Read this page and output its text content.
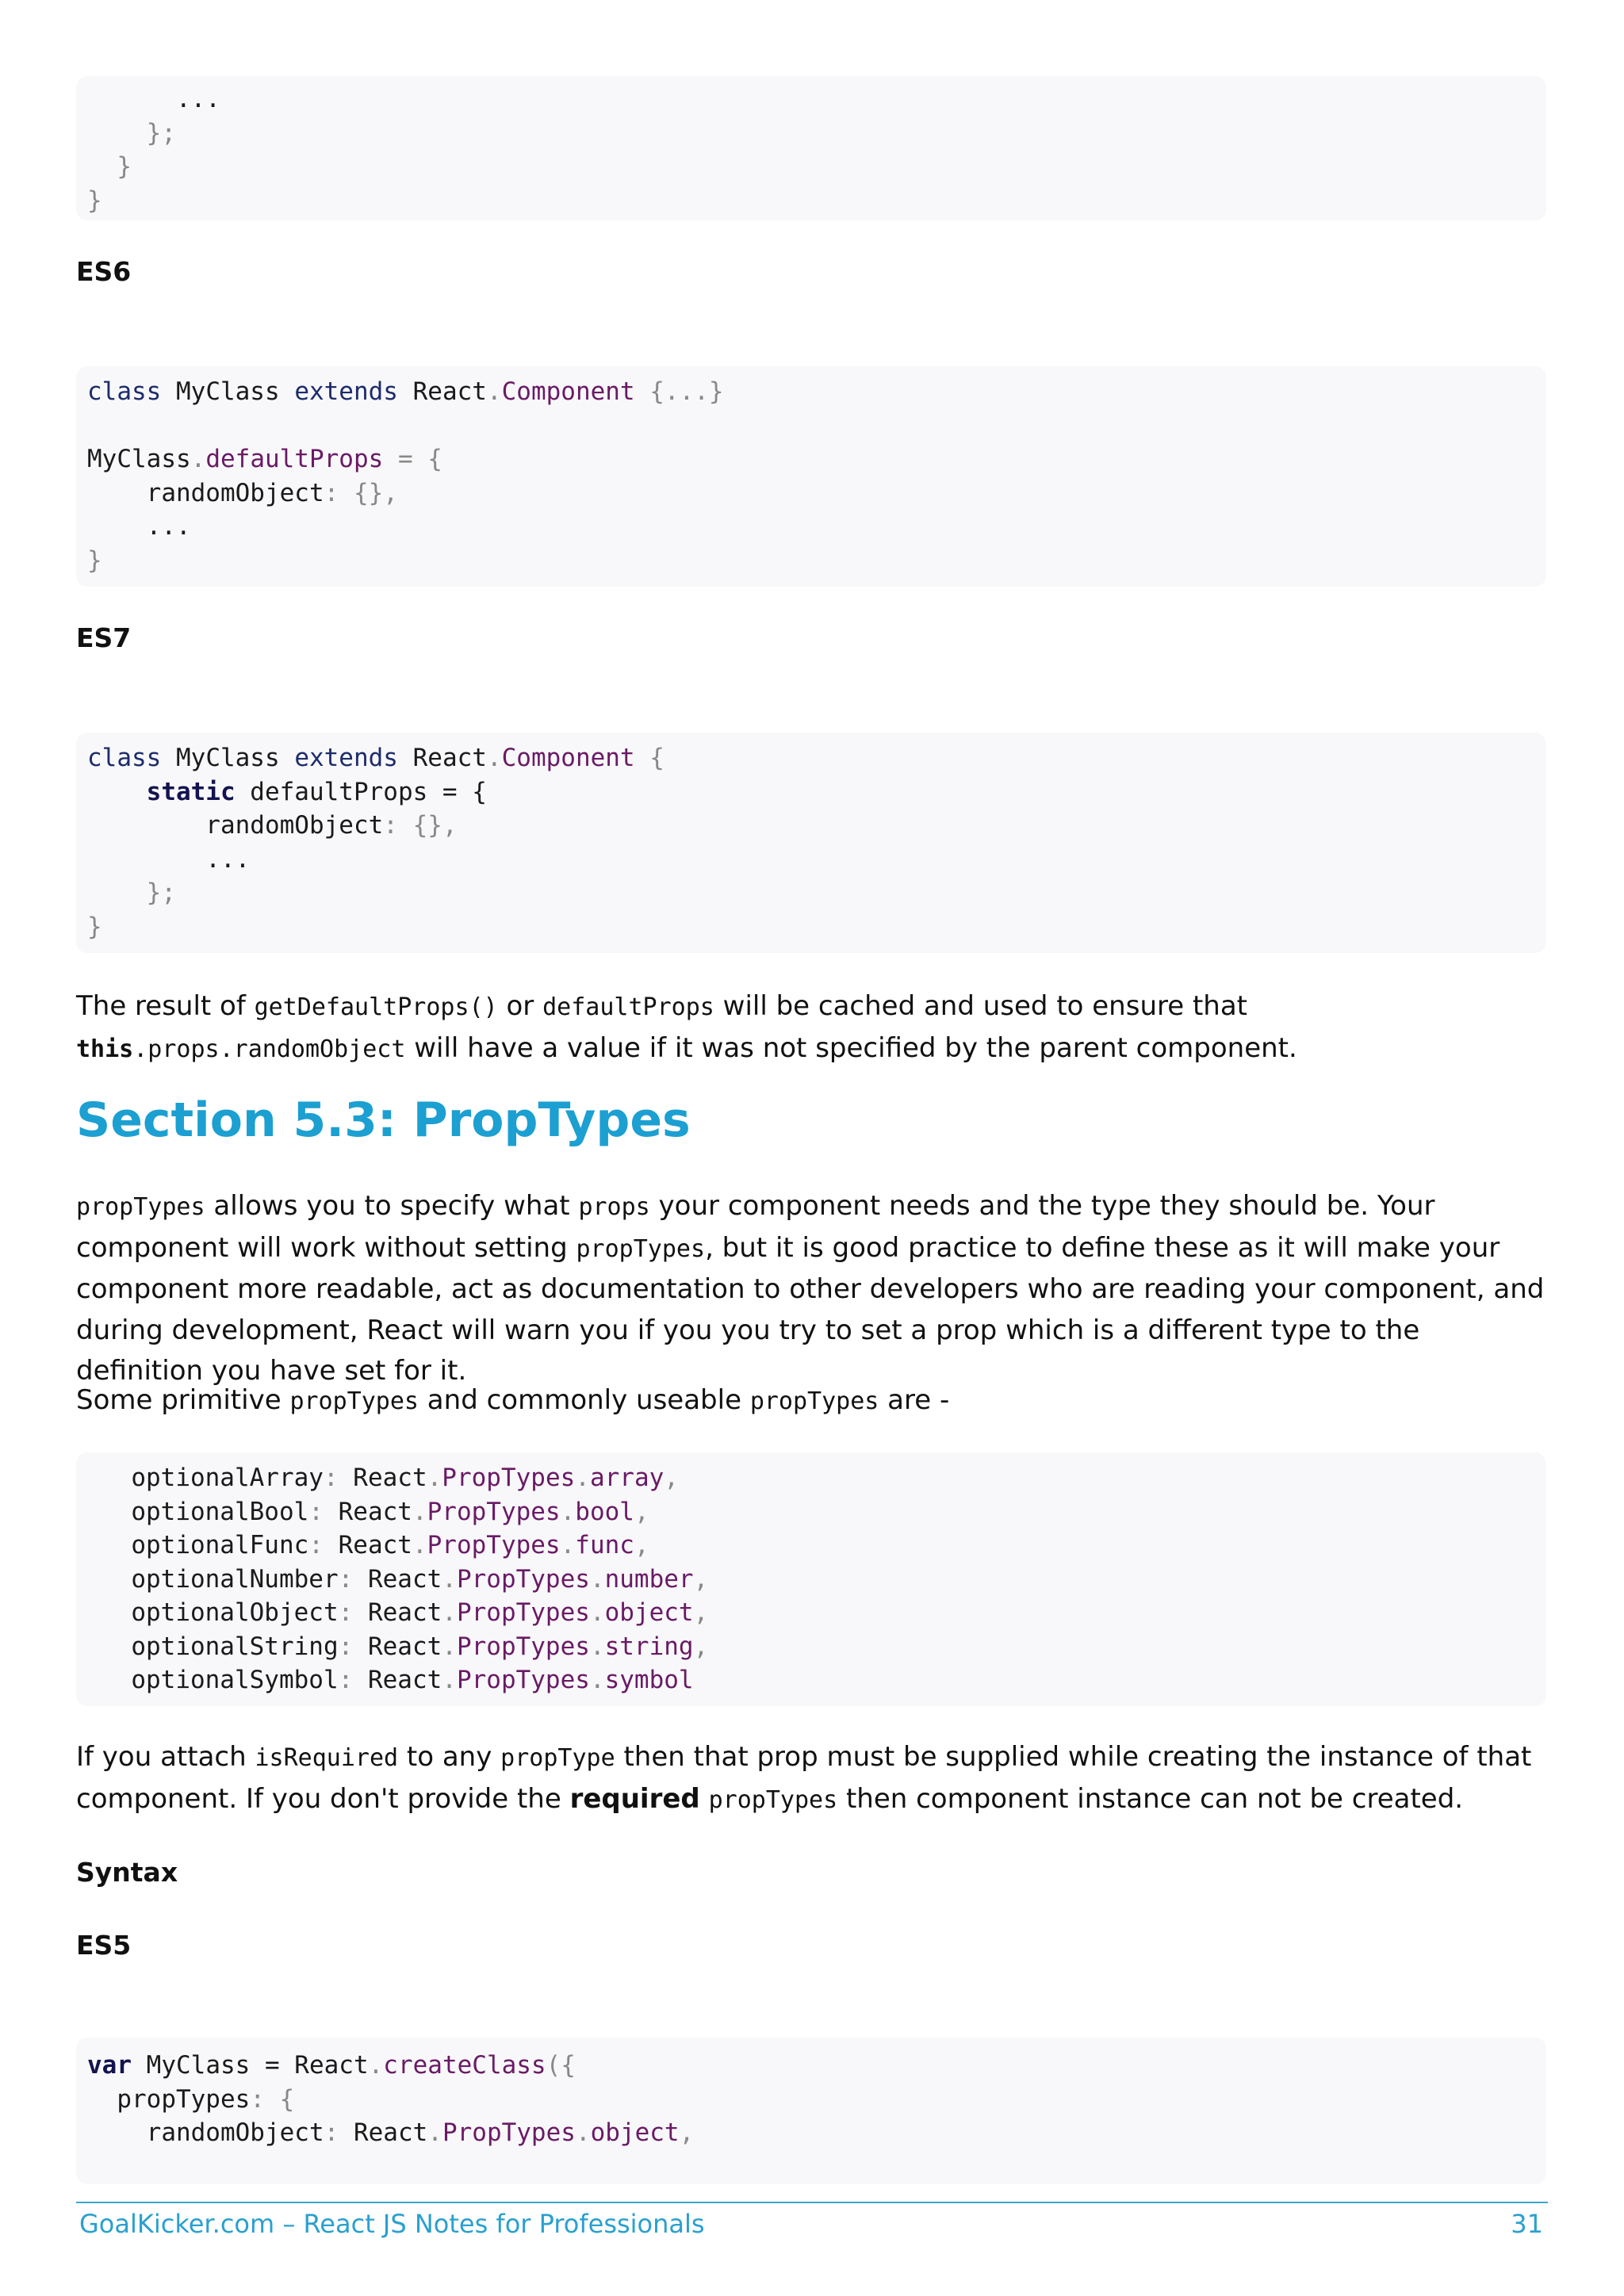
...
};
}
}
ES6
class MyClass extends React.Component {...}
MyClass.defaultProps = {
randomObject: {},
...
}
ES7
class MyClass extends React.Component {
static defaultProps = {
randomObject: {},
...
};
}

The result of getDefaultProps() or defaultProps will be cached and used to ensure that

this.props.randomObject will have a value if it was not specified by the parent component.

Section 5.3: PropTypes

propTypes allows you to specify what props your component needs and the type they should be. Your component will work without setting propTypes, but it is good practice to define these as it will make your component more readable, act as documentation to other developers who are reading your component, and during development, React will warn you if you you try to set a prop which is a different type to the definition you have set for it.

Some primitive propTypes and commonly useable propTypes are -

optionalArray: React.PropTypes.array,
optionalBool: React.PropTypes.bool,
optionalFunc: React.PropTypes.func,
optionalNumber: React.PropTypes.number,
optionalObject: React.PropTypes.object,
optionalString: React.PropTypes.string,
optionalSymbol: React.PropTypes.symbol

If you attach isRequired to any propType then that prop must be supplied while creating the instance of that component. If you don't provide the required propTypes then component instance can not be created.

Syntax
ES5
var MyClass = React.createClass({
propTypes: {
randomObject: React.PropTypes.object,
GoalKicker.com – React JS Notes for Professionals	31
